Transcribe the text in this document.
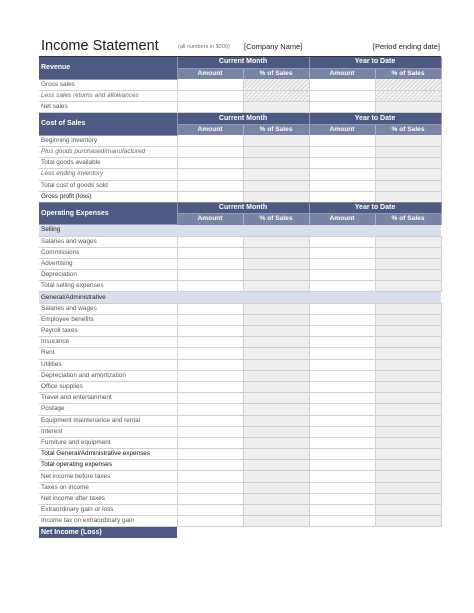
Income Statement	(all numbers in $000) [Company Name]	[Period ending date]
Revenue	Current Month		Year to Date	
	Amount	% of Sales	Amount	% of Sales
Gross sales				
Less sales returns and allowances				
Net sales				
Cost of Sales	Current Month		Year to Date	
	Amount	% of Sales	Amount	% of Sales
Beginning inventory				
Plus goods purchased/manufactured				
Total goods available				
Less ending inventory				
Total cost of goods sold				
Gross profit (loss)				
Operating Expenses	Current Month		Year to Date	
	Amount	% of Sales	Amount	% of Sales
Selling				
Salaries and wages				
Commissions				
Advertising				
Depreciation				
Total selling expenses				
General/Administrative				
Salaries and wages				
Employee benefits				
Payroll taxes				
Insurance				
Rent				
Utilities				
Depreciation and amortization				
Office supplies				
Travel and entertainment				
Postage				
Equipment maintenance and rental				
Interest				
Furniture and equipment				
Total General/Administrative expenses				
Total operating expenses				
Net income before taxes				
Taxes on income				
Net income after taxes				
Extraordinary gain or loss				
Income tax on extraordinary gain				
Net Income (Loss)				
